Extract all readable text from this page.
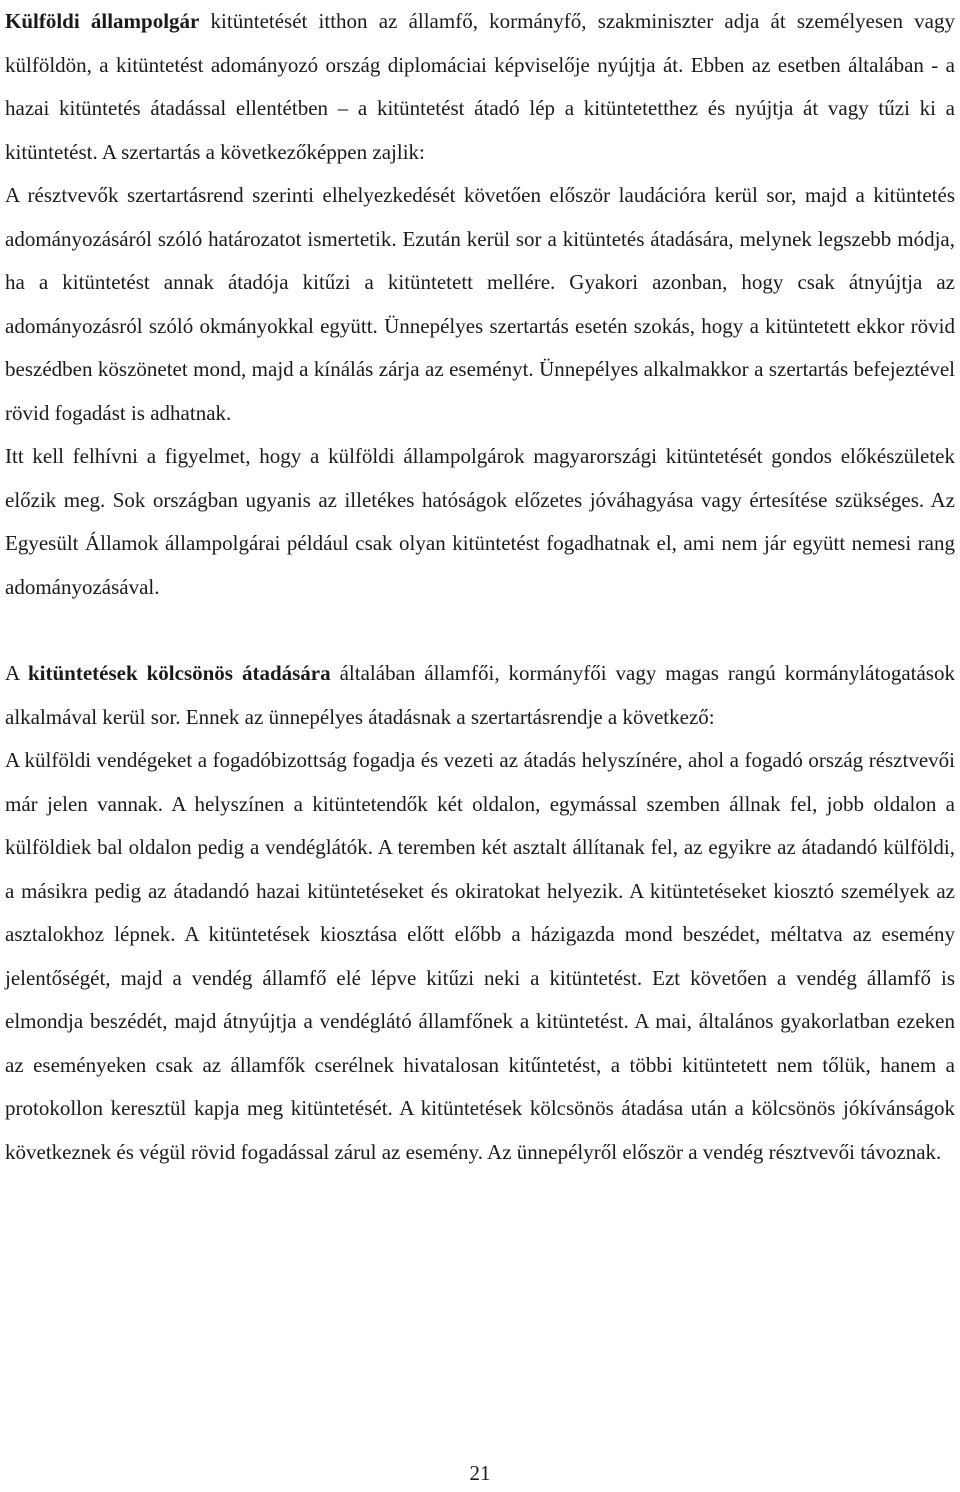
Külföldi állampolgár kitüntetését itthon az államfő, kormányfő, szakminiszter adja át személyesen vagy külföldön, a kitüntetést adományozó ország diplomáciai képviselője nyújtja át. Ebben az esetben általában - a hazai kitüntetés átadással ellentétben – a kitüntetést átadó lép a kitüntetetthez és nyújtja át vagy tűzi ki a kitüntetést. A szertartás a következőképpen zajlik:

A résztvevők szertartásrend szerinti elhelyezkedését követően először laudációra kerül sor, majd a kitüntetés adományozásáról szóló határozatot ismertetik. Ezután kerül sor a kitüntetés átadására, melynek legszebb módja, ha a kitüntetést annak átadója kitűzi a kitüntetett mellére. Gyakori azonban, hogy csak átnyújtja az adományozásról szóló okmányokkal együtt. Ünnepélyes szertartás esetén szokás, hogy a kitüntetett ekkor rövid beszédben köszönetet mond, majd a kínálás zárja az eseményt. Ünnepélyes alkalmakkor a szertartás befejeztével rövid fogadást is adhatnak.

Itt kell felhívni a figyelmet, hogy a külföldi állampolgárok magyarországi kitüntetését gondos előkészületek előzik meg. Sok országban ugyanis az illetékes hatóságok előzetes jóváhagyása vagy értesítése szükséges. Az Egyesült Államok állampolgárai például csak olyan kitüntetést fogadhatnak el, ami nem jár együtt nemesi rang adományozásával.

A kitüntetések kölcsönös átadására általában államfői, kormányfői vagy magas rangú kormánylátogatások alkalmával kerül sor. Ennek az ünnepélyes átadásnak a szertartásrendje a következő:

A külföldi vendégeket a fogadóbizottság fogadja és vezeti az átadás helyszínére, ahol a fogadó ország résztvevői már jelen vannak. A helyszínen a kitüntetendők két oldalon, egymással szemben állnak fel, jobb oldalon a külföldiek bal oldalon pedig a vendéglátók. A teremben két asztalt állítanak fel, az egyikre az átadandó külföldi, a másikra pedig az átadandó hazai kitüntetéseket és okiratokat helyezik. A kitüntetéseket kiosztó személyek az asztalokhoz lépnek. A kitüntetések kiosztása előtt előbb a házigazda mond beszédet, méltatva az esemény jelentőségét, majd a vendég államfő elé lépve kitűzi neki a kitüntetést. Ezt követően a vendég államfő is elmondja beszédét, majd átnyújtja a vendéglátó államfőnek a kitüntetést. A mai, általános gyakorlatban ezeken az eseményeken csak az államfők cserélnek hivatalosan kitűntetést, a többi kitüntetett nem tőlük, hanem a protokollon keresztül kapja meg kitüntetését. A kitüntetések kölcsönös átadása után a kölcsönös jókívánságok következnek és végül rövid fogadással zárul az esemény. Az ünnepélyről először a vendég résztvevői távoznak.

21
